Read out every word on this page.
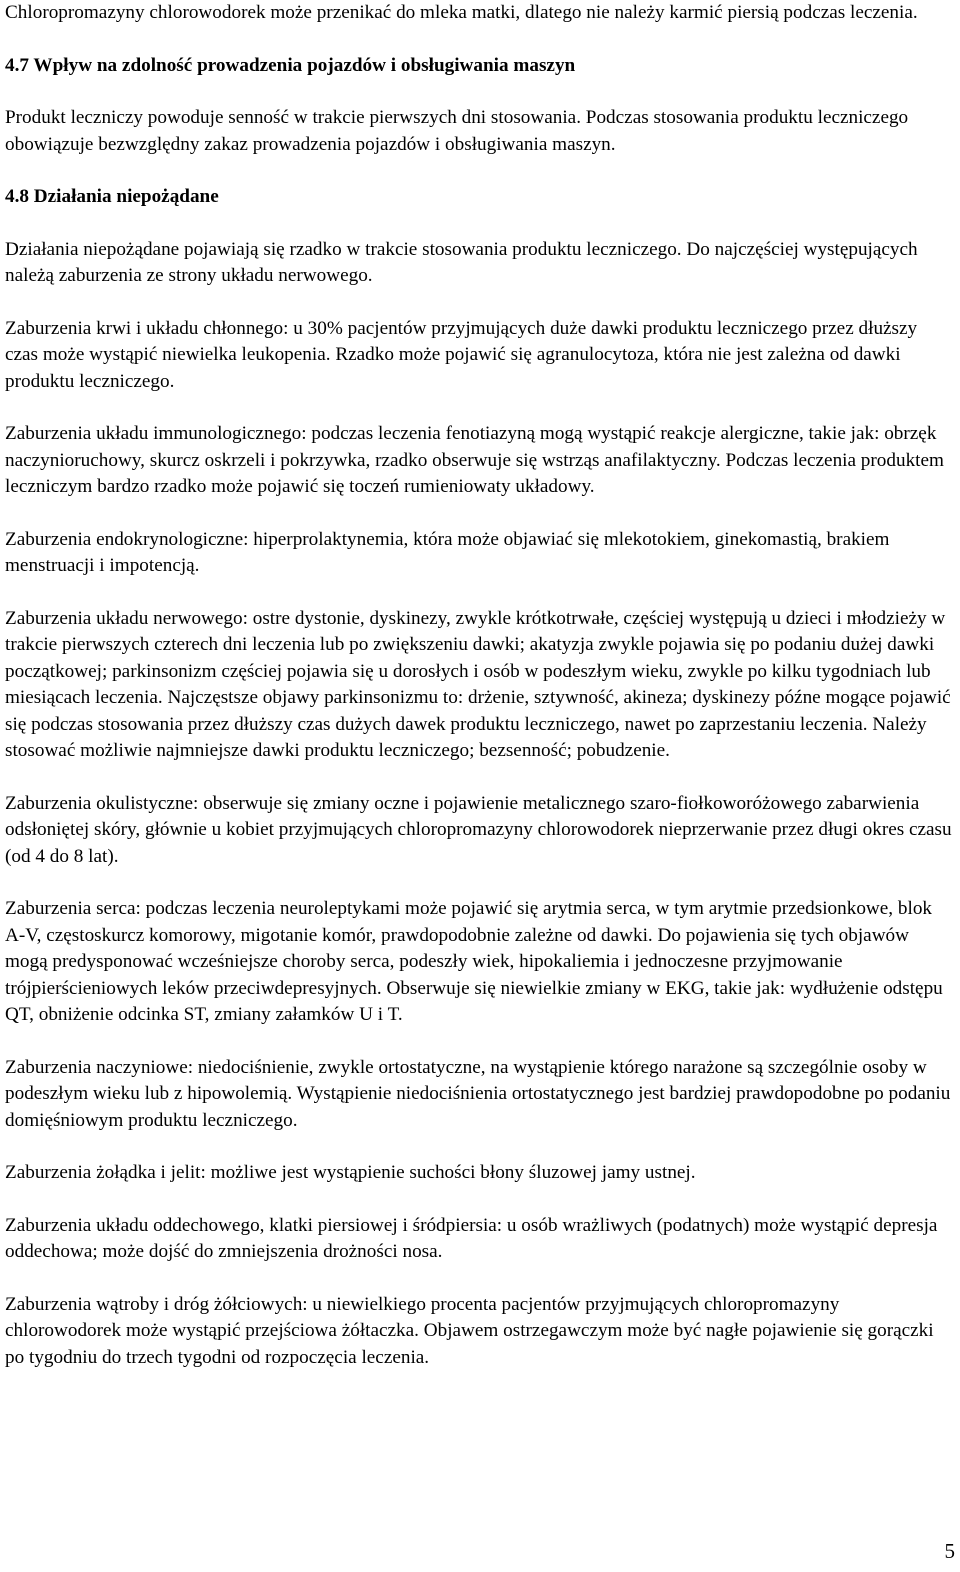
Chloropromazyny chlorowodorek może przenikać do mleka matki, dlatego nie należy karmić piersią podczas leczenia.

4.7 Wpływ na zdolność prowadzenia pojazdów i obsługiwania maszyn

Produkt leczniczy powoduje senność w trakcie pierwszych dni stosowania. Podczas stosowania produktu leczniczego obowiązuje bezwzględny zakaz prowadzenia pojazdów i obsługiwania maszyn.

4.8 Działania niepożądane

Działania niepożądane pojawiają się rzadko w trakcie stosowania produktu leczniczego. Do najczęściej występujących należą zaburzenia ze strony układu nerwowego.

Zaburzenia krwi i układu chłonnego: u 30% pacjentów przyjmujących duże dawki produktu leczniczego przez dłuższy czas może wystąpić niewielka leukopenia. Rzadko może pojawić się agranulocytoza, która nie jest zależna od dawki produktu leczniczego.

Zaburzenia układu immunologicznego: podczas leczenia fenotiazyną mogą wystąpić reakcje alergiczne, takie jak: obrzęk naczynioruchowy, skurcz oskrzeli i pokrzywka, rzadko obserwuje się wstrząs anafilaktyczny. Podczas leczenia produktem leczniczym bardzo rzadko może pojawić się toczeń rumieniowaty układowy.

Zaburzenia endokrynologiczne: hiperprolaktynemia, która może objawiać się mlekotokiem, ginekomastią, brakiem menstruacji i impotencją.

Zaburzenia układu nerwowego: ostre dystonie, dyskinezy, zwykle krótkotrwałe, częściej występują u dzieci i młodzieży w trakcie pierwszych czterech dni leczenia lub po zwiększeniu dawki; akatyzja zwykle pojawia się po podaniu dużej dawki początkowej; parkinsonizm częściej pojawia się u dorosłych i osób w podeszłym wieku, zwykle po kilku tygodniach lub miesiącach leczenia. Najczęstsze objawy parkinsonizmu to: drżenie, sztywność, akineza; dyskinezy późne mogące pojawić się podczas stosowania przez dłuższy czas dużych dawek produktu leczniczego, nawet po zaprzestaniu leczenia. Należy stosować możliwie najmniejsze dawki produktu leczniczego; bezsenność; pobudzenie.

Zaburzenia okulistyczne: obserwuje się zmiany oczne i pojawienie metalicznego szaro-fiołkoworóżowego zabarwienia odsłoniętej skóry, głównie u kobiet przyjmujących chloropromazyny chlorowodorek nieprzerwanie przez długi okres czasu (od 4 do 8 lat).

Zaburzenia serca: podczas leczenia neuroleptykami może pojawić się arytmia serca, w tym arytmie przedsionkowe, blok A-V, częstoskurcz komorowy, migotanie komór, prawdopodobnie zależne od dawki. Do pojawienia się tych objawów mogą predysponować wcześniejsze choroby serca, podeszły wiek, hipokaliemia i jednoczesne przyjmowanie trójpierścieniowych leków przeciwdepresyjnych. Obserwuje się niewielkie zmiany w EKG, takie jak: wydłużenie odstępu QT, obniżenie odcinka ST, zmiany załamków U i T.

Zaburzenia naczyniowe: niedociśnienie, zwykle ortostatyczne, na wystąpienie którego narażone są szczególnie osoby w podeszłym wieku lub z hipowolemią. Wystąpienie niedociśnienia ortostatycznego jest bardziej prawdopodobne po podaniu domięśniowym produktu leczniczego.

Zaburzenia żołądka i jelit: możliwe jest wystąpienie suchości błony śluzowej jamy ustnej.

Zaburzenia układu oddechowego, klatki piersiowej i śródpiersia: u osób wrażliwych (podatnych) może wystąpić depresja oddechowa; może dojść do zmniejszenia drożności nosa.

Zaburzenia wątroby i dróg żółciowych: u niewielkiego procenta pacjentów przyjmujących chloropromazyny chlorowodorek może wystąpić przejściowa żółtaczka. Objawem ostrzegawczym może być nagłe pojawienie się gorączki po tygodniu do trzech tygodni od rozpoczęcia leczenia.

5
